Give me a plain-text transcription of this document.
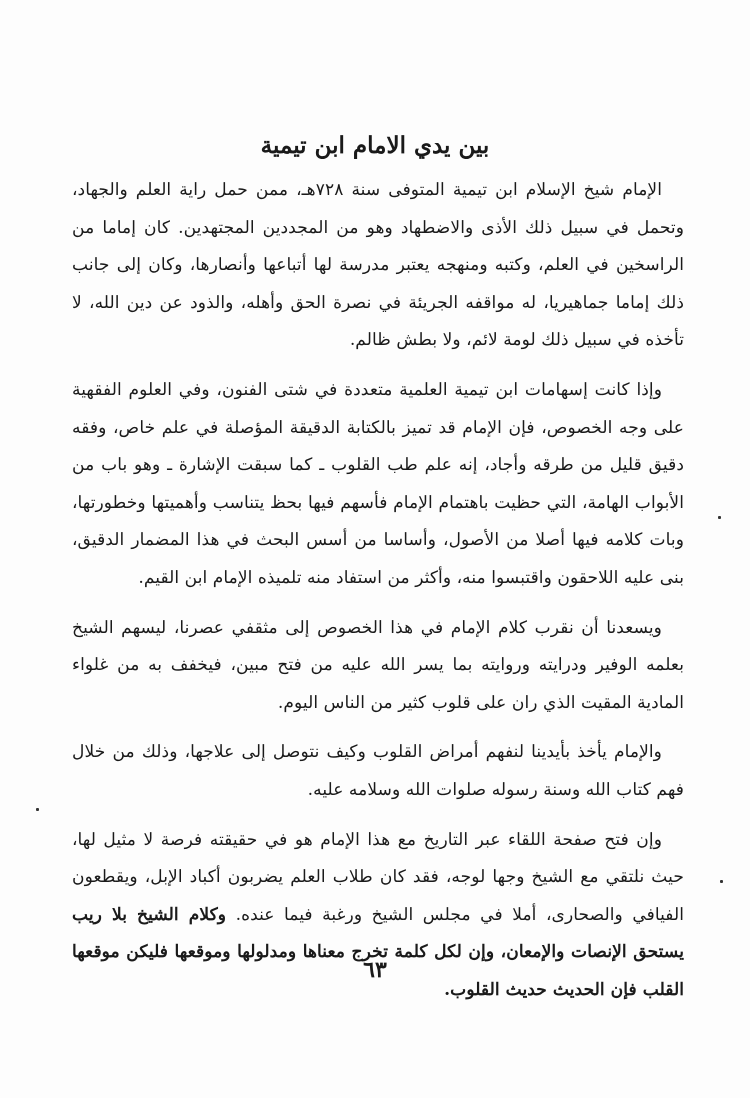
بين يدي الامام ابن تيمية

الإمام شيخ الإسلام ابن تيمية المتوفى سنة ٧٢٨هـ، ممن حمل راية العلم والجهاد، وتحمل في سبيل ذلك الأذى والاضطهاد وهو من المجددين المجتهدين. كان إماما من الراسخين في العلم، وكتبه ومنهجه يعتبر مدرسة لها أتباعها وأنصارها، وكان إلى جانب ذلك إماما جماهيريا، له مواقفه الجريئة في نصرة الحق وأهله، والذود عن دين الله، لا تأخذه في سبيل ذلك لومة لائم، ولا بطش ظالم.

وإذا كانت إسهامات ابن تيمية العلمية متعددة في شتى الفنون، وفي العلوم الفقهية على وجه الخصوص، فإن الإمام قد تميز بالكتابة الدقيقة المؤصلة في علم خاص، وفقه دقيق قليل من طرقه وأجاد، إنه علم طب القلوب ـ كما سبقت الإشارة ـ وهو باب من الأبواب الهامة، التي حظيت باهتمام الإمام فأسهم فيها بحظ يتناسب وأهميتها وخطورتها، وبات كلامه فيها أصلا من الأصول، وأساسا من أسس البحث في هذا المضمار الدقيق، بنى عليه اللاحقون واقتبسوا منه، وأكثر من استفاد منه تلميذه الإمام ابن القيم.

ويسعدنا أن نقرب كلام الإمام في هذا الخصوص إلى مثقفي عصرنا، ليسهم الشيخ بعلمه الوفير ودرايته وروايته بما يسر الله عليه من فتح مبين، فيخفف به من غلواء المادية المقيت الذي ران على قلوب كثير من الناس اليوم.

والإمام يأخذ بأيدينا لنفهم أمراض القلوب وكيف نتوصل إلى علاجها، وذلك من خلال فهم كتاب الله وسنة رسوله صلوات الله وسلامه عليه.

وإن فتح صفحة اللقاء عبر التاريخ مع هذا الإمام هو في حقيقته فرصة لا مثيل لها، حيث نلتقي مع الشيخ وجها لوجه، فقد كان طلاب العلم يضربون أكباد الإبل، ويقطعون الفيافي والصحارى، أملا في مجلس الشيخ ورغبة فيما عنده. وكلام الشيخ بلا ريب يستحق الإنصات والإمعان، وإن لكل كلمة تخرج معناها ومدلولها وموقعها فليكن موقعها القلب فإن الحديث حديث القلوب.

٦٣
